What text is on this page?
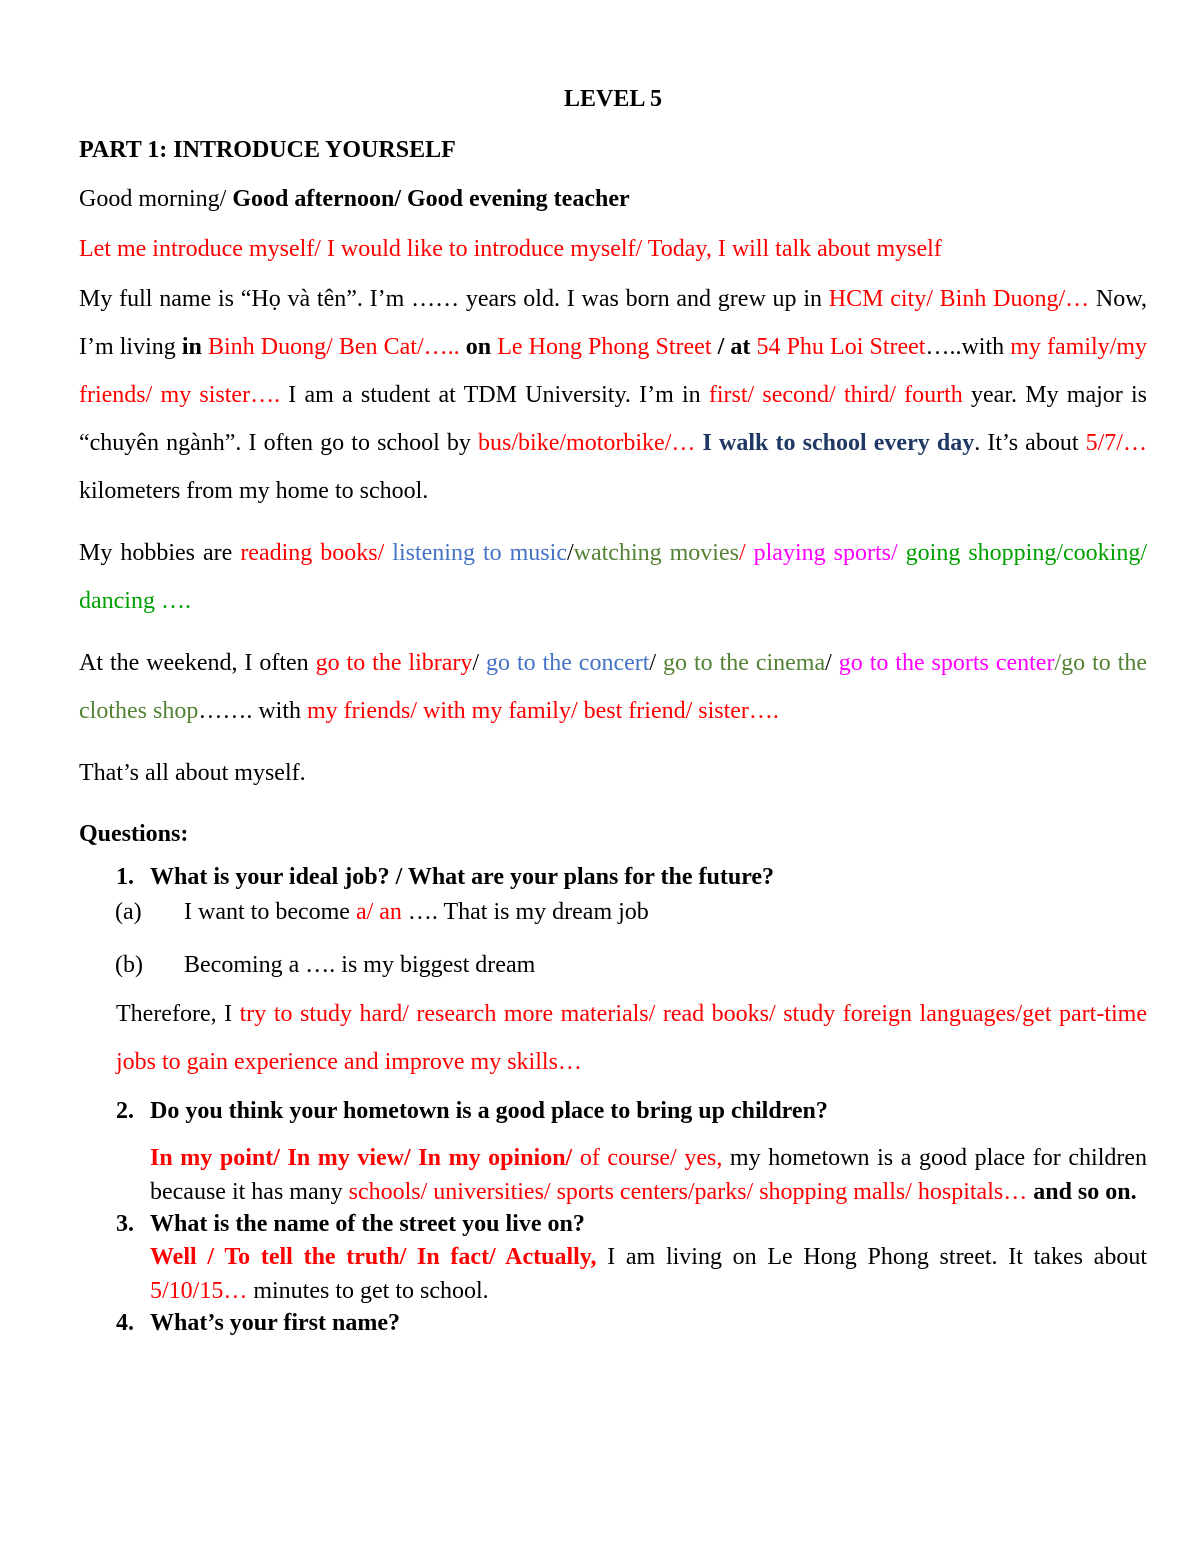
LEVEL 5
PART 1: INTRODUCE YOURSELF

Good morning/ Good afternoon/ Good evening teacher

Let me introduce myself/ I would like to introduce myself/ Today, I will talk about myself

My full name is “Họ và tên”. I’m …… years old. I was born and grew up in HCM city/ Binh Duong/… Now, I’m living in Binh Duong/ Ben Cat/….. on Le Hong Phong Street / at 54 Phu Loi Street…..with my family/my friends/ my sister…. I am a student at TDM University. I’m in first/ second/ third/ fourth year. My major is “chuyên ngành”. I often go to school by bus/bike/motorbike/… I walk to school every day. It’s about 5/7/… kilometers from my home to school.

My hobbies are reading books/ listening to music/watching movies/ playing sports/ going shopping/cooking/ dancing ….

At the weekend, I often go to the library/ go to the concert/ go to the cinema/ go to the sports center/go to the clothes shop……. with my friends/ with my family/ best friend/ sister….

That’s all about myself.

Questions:
1. What is your ideal job? / What are your plans for the future?
(a) I want to become a/ an …. That is my dream job
(b) Becoming a …. is my biggest dream

Therefore, I try to study hard/ research more materials/ read books/ study foreign languages/get part-time jobs to gain experience and improve my skills…

2. Do you think your hometown is a good place to bring up children?

In my point/ In my view/ In my opinion/ of course/ yes, my hometown is a good place for children because it has many schools/ universities/ sports centers/parks/ shopping malls/ hospitals… and so on.

3. What is the name of the street you live on?

Well / To tell the truth/ In fact/ Actually, I am living on Le Hong Phong street. It takes about 5/10/15… minutes to get to school.

4. What’s your first name?
